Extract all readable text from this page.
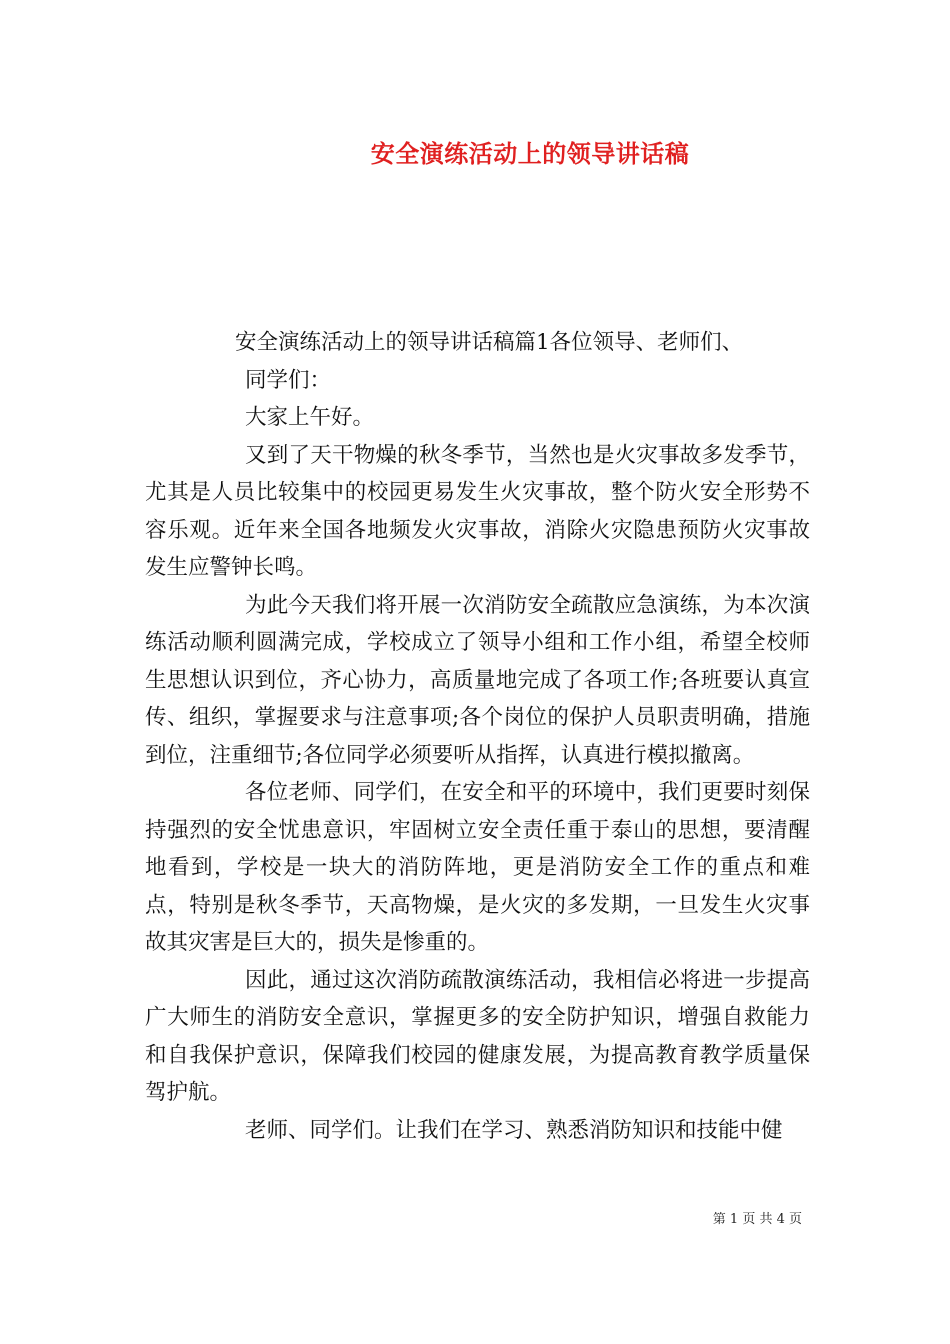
安全演练活动上的领导讲话稿

安全演练活动上的领导讲话稿篇1各位领导、老师们、

同学们：

大家上午好。

又到了天干物燥的秋冬季节，当然也是火灾事故多发季节，尤其是人员比较集中的校园更易发生火灾事故，整个防火安全形势不容乐观。近年来全国各地频发火灾事故，消除火灾隐患预防火灾事故发生应警钟长鸣。

为此今天我们将开展一次消防安全疏散应急演练，为本次演练活动顺利圆满完成，学校成立了领导小组和工作小组，希望全校师生思想认识到位，齐心协力，高质量地完成了各项工作;各班要认真宣传、组织，掌握要求与注意事项;各个岗位的保护人员职责明确，措施到位，注重细节;各位同学必须要听从指挥，认真进行模拟撤离。

各位老师、同学们，在安全和平的环境中，我们更要时刻保持强烈的安全忧患意识，牢固树立安全责任重于泰山的思想，要清醒地看到，学校是一块大的消防阵地，更是消防安全工作的重点和难点，特别是秋冬季节，天高物燥，是火灾的多发期，一旦发生火灾事故其灾害是巨大的，损失是惨重的。

因此，通过这次消防疏散演练活动，我相信必将进一步提高广大师生的消防安全意识，掌握更多的安全防护知识，增强自救能力和自我保护意识，保障我们校园的健康发展，为提高教育教学质量保驾护航。

老师、同学们。让我们在学习、熟悉消防知识和技能中健

第 1 页 共 4 页
